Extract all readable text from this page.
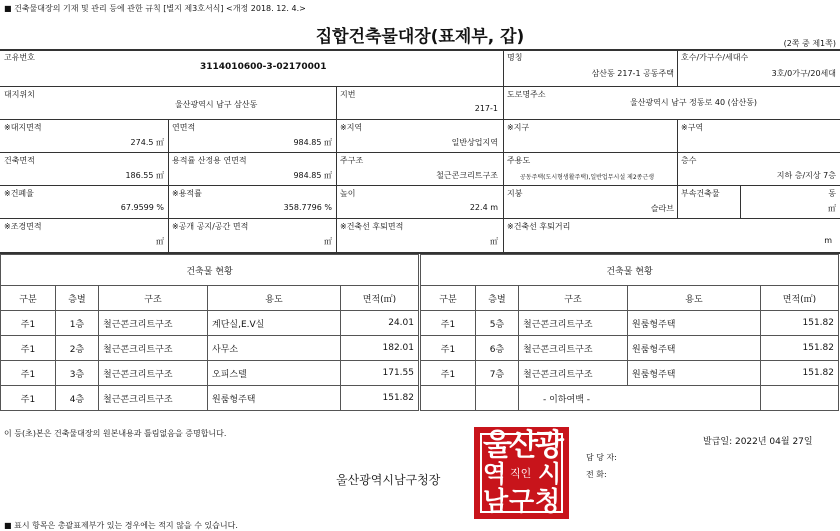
■ 건축물대장의 기재 및 관리 등에 관한 규칙 [별지 제3호서식] <개정 2018. 12. 4.>
집합건축물대장(표제부, 갑)	(2쪽 중 제1쪽)
고유번호
3114010600-3-02170001
명칭
삼산동 217-1 공동주택
호수/가구수/세대수
3호/0가구/20세대
대지위치
울산광역시 남구 삼산동
지번
217-1
도로명주소
울산광역시 남구 정동로 40 (삼산동)
※대지면적
274.5 ㎡
연면적
984.85 ㎡
※지역
일반상업지역
※지구	※구역
건축면적
186.55 ㎡
용적률 산정용 연면적
984.85 ㎡
주구조
철근콘크리트구조
주용도
공동주택(도시형생활주택),일반업무시설 제2종근생
층수
지하 층/지상 7층
※건폐율
67.9599 %
※용적률
358.7796 %
높이
22.4 m
지붕
슬라브
부속건축물	동
㎡
※조경면적
㎡
※공개 공지/공간 면적
㎡
※건축선 후퇴면적
㎡
※건축선 후퇴거리
m
건축물 현황				
구분	층별	구조	용도	면적(㎡)
주1	1층	철근콘크리트구조	계단실,E.V실	24.01
주1	2층	철근콘크리트구조	사무소	182.01
주1	3층	철근콘크리트구조	오피스텔	171.55
주1	4층	철근콘크리트구조	원룸형주택	151.82
건축물 현황				
구분	층별	구조	용도	면적(㎡)
주1	5층	철근콘크리트구조	원룸형주택	151.82
주1	6층	철근콘크리트구조	원룸형주택	151.82
주1	7층	철근콘크리트구조	원룸형주택	151.82
		- 이하여백 -		
이 등(초)본은 건축물대장의 원본내용과 틀림없음을 증명합니다.
발급일: 2022년 04월 27일
울산광역시남구청장
담 당 자:
전 화:
울
산
광
역 시
남 구 청
직인
■ 표시 항목은 총괄표제부가 있는 경우에는 적지 않을 수 있습니다.
